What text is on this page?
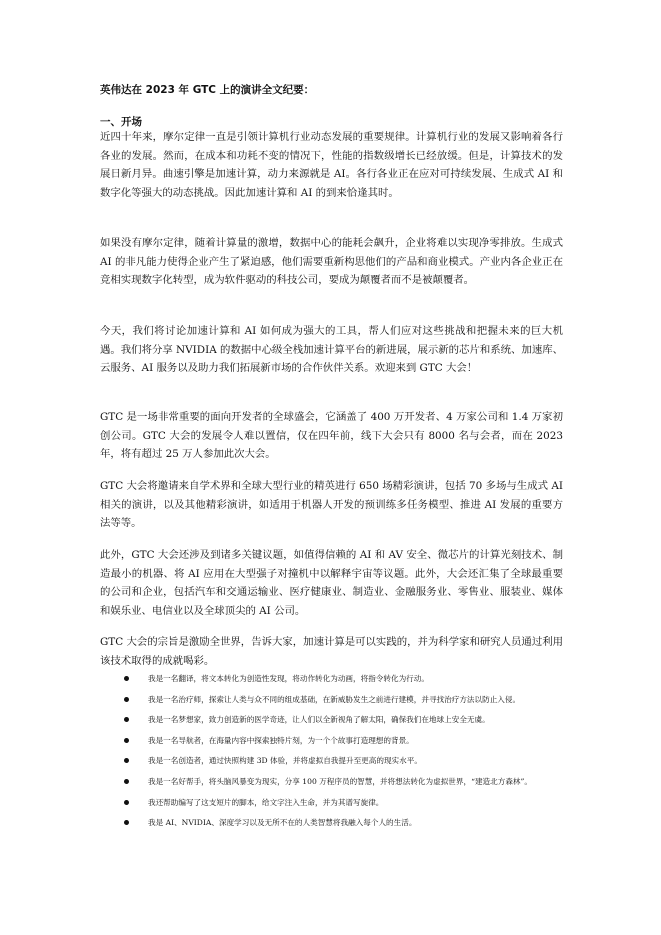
英伟达在 2023 年 GTC 上的演讲全文纪要：
一、开场

近四十年来，摩尔定律一直是引领计算机行业动态发展的重要规律。计算机行业的发展又影响着各行各业的发展。然而，在成本和功耗不变的情况下，性能的指数级增长已经放缓。但是，计算技术的发展日新月异。曲速引擎是加速计算，动力来源就是 AI。各行各业正在应对可持续发展、生成式 AI 和数字化等强大的动态挑战。因此加速计算和 AI 的到来恰逢其时。

如果没有摩尔定律，随着计算量的激增，数据中心的能耗会飙升，企业将难以实现净零排放。生成式 AI 的非凡能力使得企业产生了紧迫感，他们需要重新构思他们的产品和商业模式。产业内各企业正在竞相实现数字化转型，成为软件驱动的科技公司，要成为颠覆者而不是被颠覆者。

今天，我们将讨论加速计算和 AI 如何成为强大的工具，帮人们应对这些挑战和把握未来的巨大机遇。我们将分享 NVIDIA 的数据中心级全栈加速计算平台的新进展，展示新的芯片和系统、加速库、云服务、AI 服务以及助力我们拓展新市场的合作伙伴关系。欢迎来到 GTC 大会！

GTC 是一场非常重要的面向开发者的全球盛会，它涵盖了 400 万开发者、4 万家公司和 1.4 万家初创公司。GTC 大会的发展令人难以置信，仅在四年前，线下大会只有 8000 名与会者，而在 2023 年，将有超过 25 万人参加此次大会。

GTC 大会将邀请来自学术界和全球大型行业的精英进行 650 场精彩演讲，包括 70 多场与生成式 AI 相关的演讲，以及其他精彩演讲，如适用于机器人开发的预训练多任务模型、推进 AI 发展的重要方法等等。

此外，GTC 大会还涉及到诸多关键议题，如值得信赖的 AI 和 AV 安全、微芯片的计算光刻技术、制造最小的机器、将 AI 应用在大型强子对撞机中以解释宇宙等议题。此外，大会还汇集了全球最重要的公司和企业，包括汽车和交通运输业、医疗健康业、制造业、金融服务业、零售业、服装业、媒体和娱乐业、电信业以及全球顶尖的 AI 公司。

GTC 大会的宗旨是激励全世界，告诉大家，加速计算是可以实践的，并为科学家和研究人员通过利用该技术取得的成就喝彩。

我是一名翻译，将文本转化为创造性发现，将动作转化为动画，将指令转化为行动。
我是一名治疗师，探索让人类与众不同的组成基础，在新威胁发生之前进行建模，并寻找治疗方法以防止入侵。
我是一名梦想家，致力创造新的医学奇迹，让人们以全新视角了解太阳，确保我们在地球上安全无虞。
我是一名导航者，在海量内容中探索独特片刻，为一个个故事打造理想的背景。
我是一名创造者，通过快照构建 3D 体验，并将虚拟自我提升至更高的现实水平。
我是一名好帮手，将头脑风暴变为现实，分享 100 万程序员的智慧，并将想法转化为虚拟世界，“建造北方森林”。
我还帮助编写了这支短片的脚本，给文字注入生命，并为其谱写旋律。
我是 AI、NVIDIA、深度学习以及无所不在的人类智慧将我融入每个人的生活。
